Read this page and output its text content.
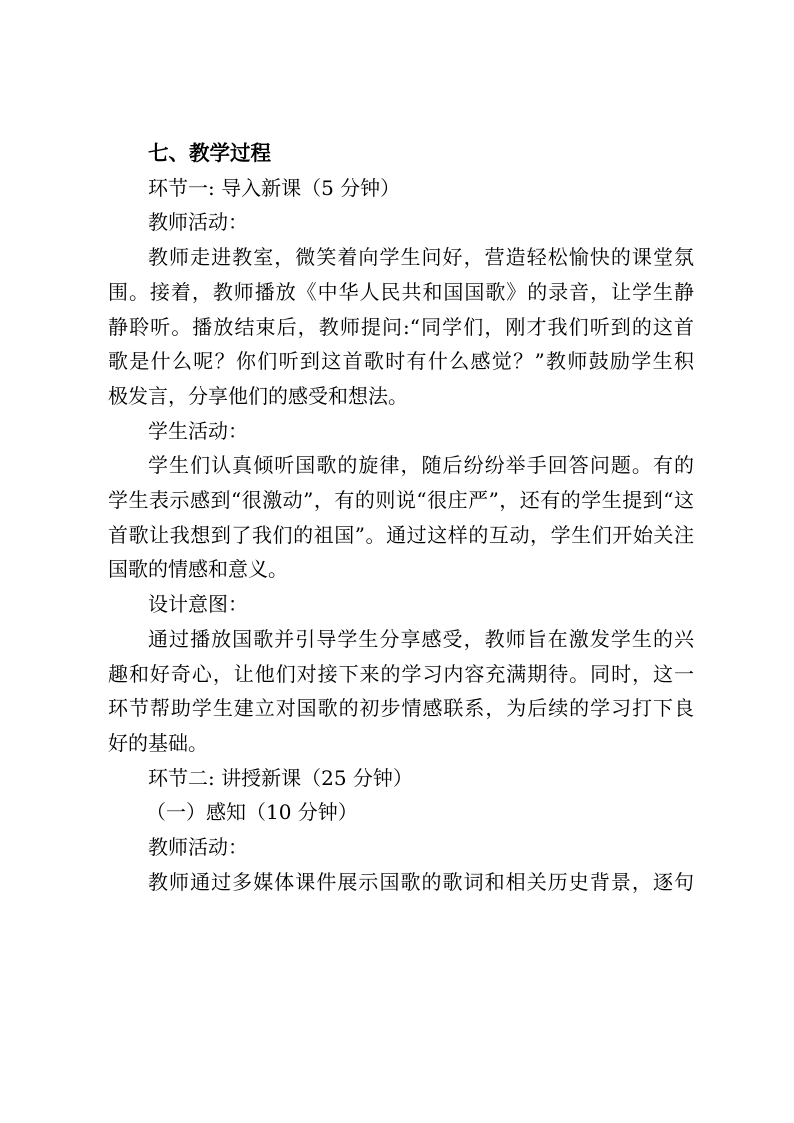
七、教学过程

环节一: 导入新课（5 分钟）

教师活动：

教师走进教室，微笑着向学生问好，营造轻松愉快的课堂氛

围。接着，教师播放《中华人民共和国国歌》的录音，让学生静

静聆听。播放结束后，教师提问:“同学们，刚才我们听到的这首

歌是什么呢？你们听到这首歌时有什么感觉？”教师鼓励学生积

极发言，分享他们的感受和想法。

学生活动：

学生们认真倾听国歌的旋律，随后纷纷举手回答问题。有的

学生表示感到“很激动”，有的则说“很庄严”，还有的学生提到“这

首歌让我想到了我们的祖国”。通过这样的互动，学生们开始关注

国歌的情感和意义。

设计意图：

通过播放国歌并引导学生分享感受，教师旨在激发学生的兴

趣和好奇心，让他们对接下来的学习内容充满期待。同时，这一

环节帮助学生建立对国歌的初步情感联系，为后续的学习打下良

好的基础。

环节二: 讲授新课（25 分钟）

（一）感知（10 分钟）

教师活动：

教师通过多媒体课件展示国歌的歌词和相关历史背景，逐句
